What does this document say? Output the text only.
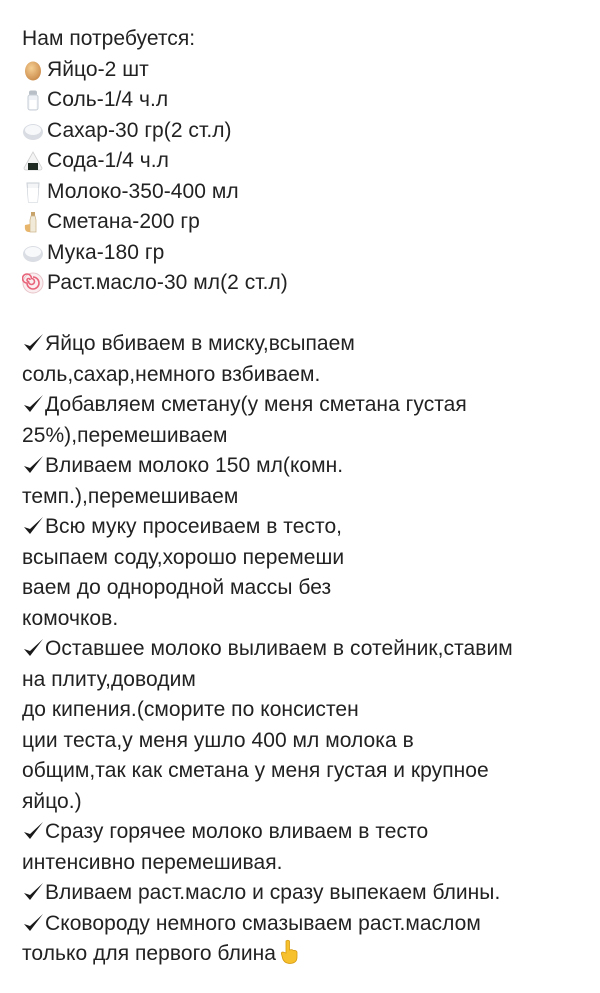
Нам потребуется:
Яйцо-2 шт
Соль-1/4 ч.л
Сахар-30 гр(2 ст.л)
Сода-1/4 ч.л
Молоко-350-400 мл
Сметана-200 гр
Мука-180 гр
Раст.масло-30 мл(2 ст.л)
Яйцо вбиваем в миску,всыпаем
соль,сахар,немного взбиваем.
Добавляем сметану(у меня сметана густая
25%),перемешиваем
Вливаем молоко 150 мл(комн.
темп.),перемешиваем
Всю муку просеиваем в тесто,
всыпаем соду,хорошо перемеши
ваем до однородной массы без
комочков.
Оставшее молоко выливаем в сотейник,ставим
на плиту,доводим
до кипения.(сморите по консистен
ции теста,у меня ушло 400 мл молока в
общим,так как сметана у меня густая и крупное
яйцо.)
Сразу горячее молоко вливаем в тесто
интенсивно перемешивая.
Вливаем раст.масло и сразу выпекаем блины.
Сковороду немного смазываем раст.маслом
только для первого блина
